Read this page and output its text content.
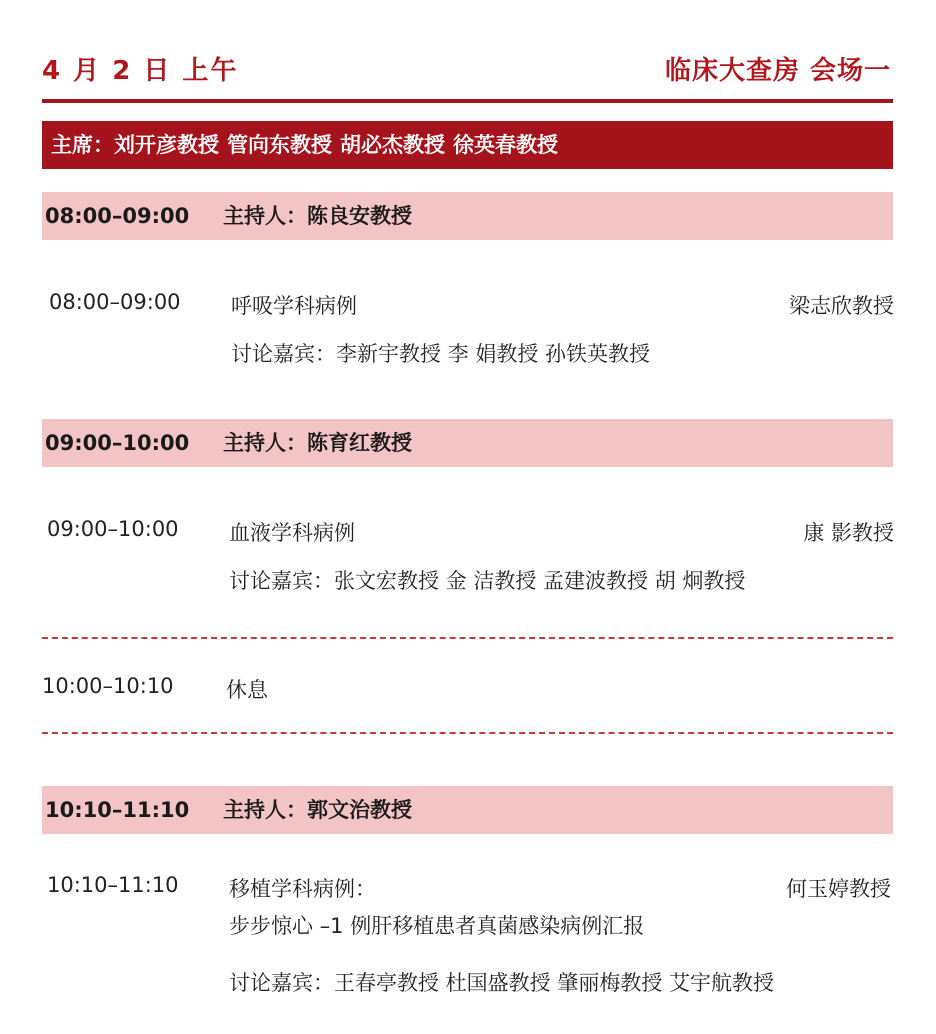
4 月 2 日 上午	临床大查房 会场一
主席：刘开彦教授 管向东教授 胡必杰教授 徐英春教授
08:00–09:00 主持人：陈良安教授
08:00–09:00 呼吸学科病例	梁志欣教授
讨论嘉宾：李新宇教授 李 娟教授 孙铁英教授
09:00–10:00 主持人：陈育红教授
09:00–10:00 血液学科病例	康 影教授
讨论嘉宾：张文宏教授 金 洁教授 孟建波教授 胡 炯教授
10:00–10:10 休息
10:10–11:10 主持人：郭文治教授
10:10–11:10 移植学科病例：	何玉婷教授
步步惊心 –1 例肝移植患者真菌感染病例汇报
讨论嘉宾：王春亭教授 杜国盛教授 肇丽梅教授 艾宇航教授
